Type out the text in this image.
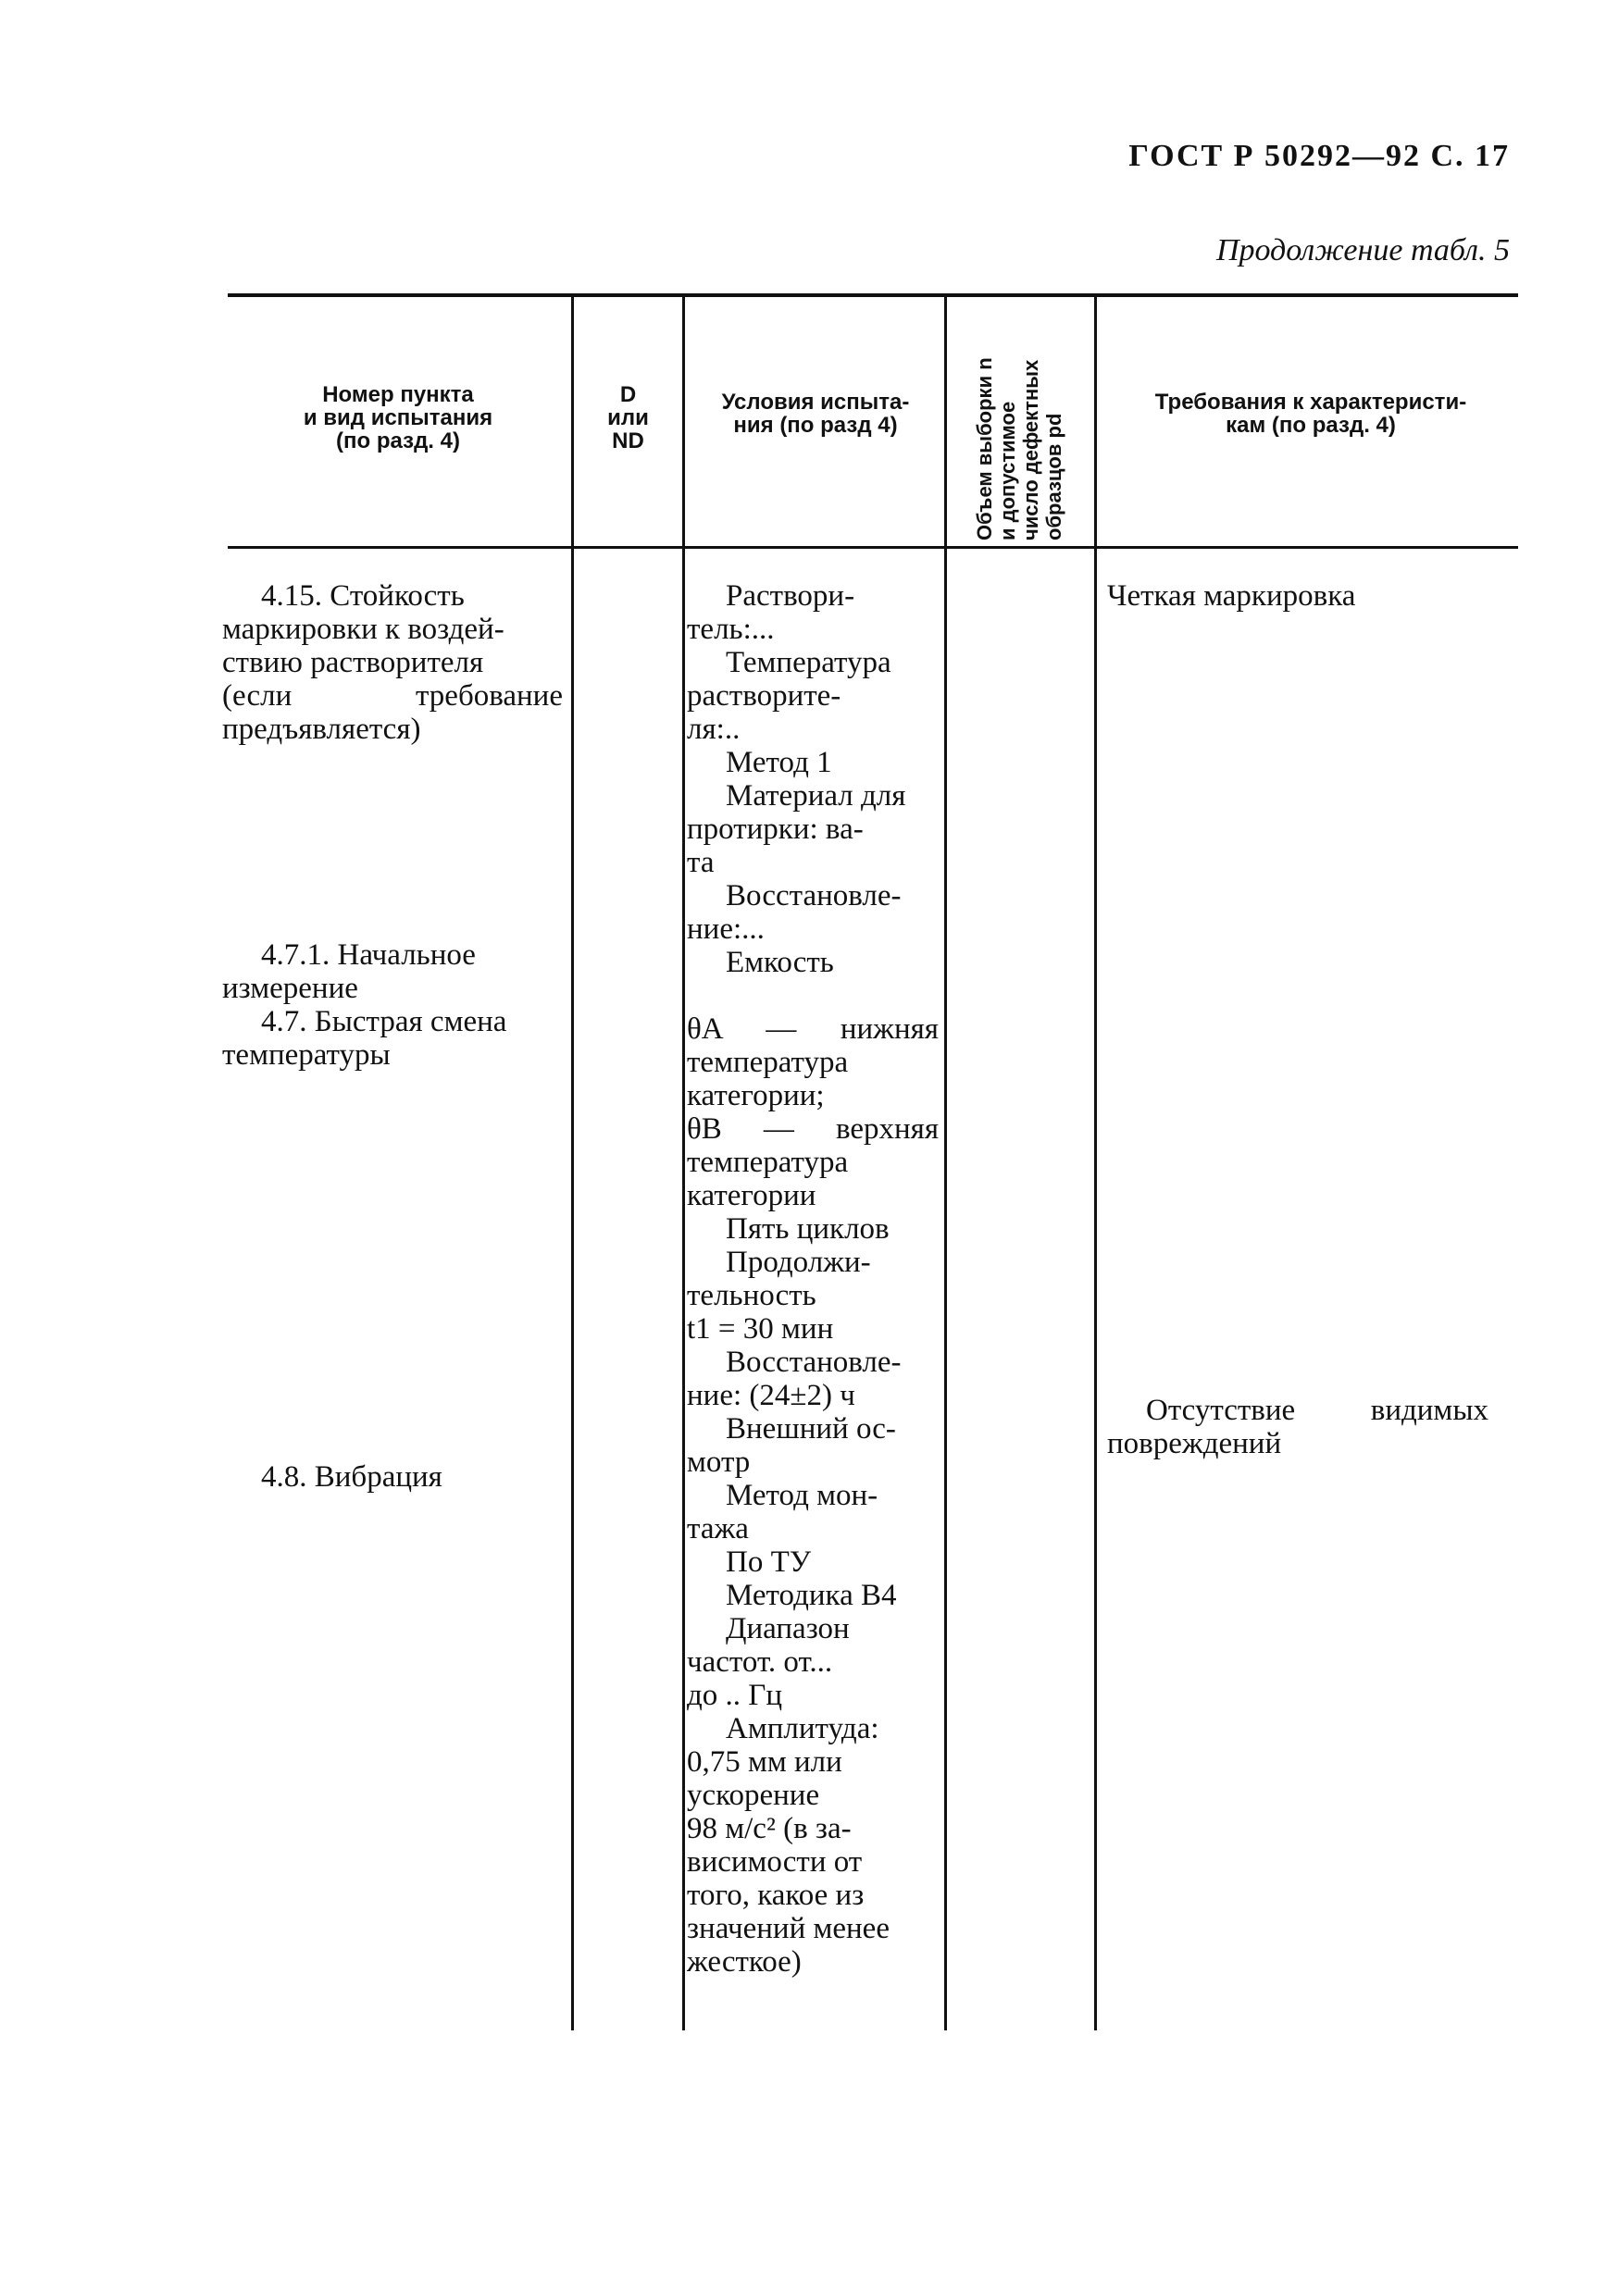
ГОСТ Р 50292—92 С. 17
Продолжение табл. 5
Номер пункта
и вид испытания
(по разд. 4)
D
или
ND
Условия испыта-
ния (по разд 4)	Объем выборки n и допустимое число дефектных образцов pd
Требования к характеристи-
кам (по разд. 4)
4.15. Стойкость
маркировки к воздей-
ствию растворителя
(если требование
предъявляется)
4.7.1. Начальное
измерение
4.7. Быстрая смена
температуры
4.8. Вибрация
Раствори-
тель:...
Температура
растворите-
ля:..
Метод 1
Материал для
протирки: ва-
та
Восстановле-
ние:...
Емкость

θA — нижняя
температура
категории;
θB — верхняя
температура
категории
Пять циклов
Продолжи-
тельность
t1 = 30 мин
Восстановле-
ние: (24±2) ч
Внешний ос-
мотр
Метод мон-
тажа
По ТУ
Методика B4
Диапазон
частот. от...
до .. Гц
Амплитуда:
0,75 мм или
ускорение
98 м/с² (в за-
висимости от
того, какое из
значений менее
жесткое)
Четкая маркировка
Отсутствие видимых
повреждений
